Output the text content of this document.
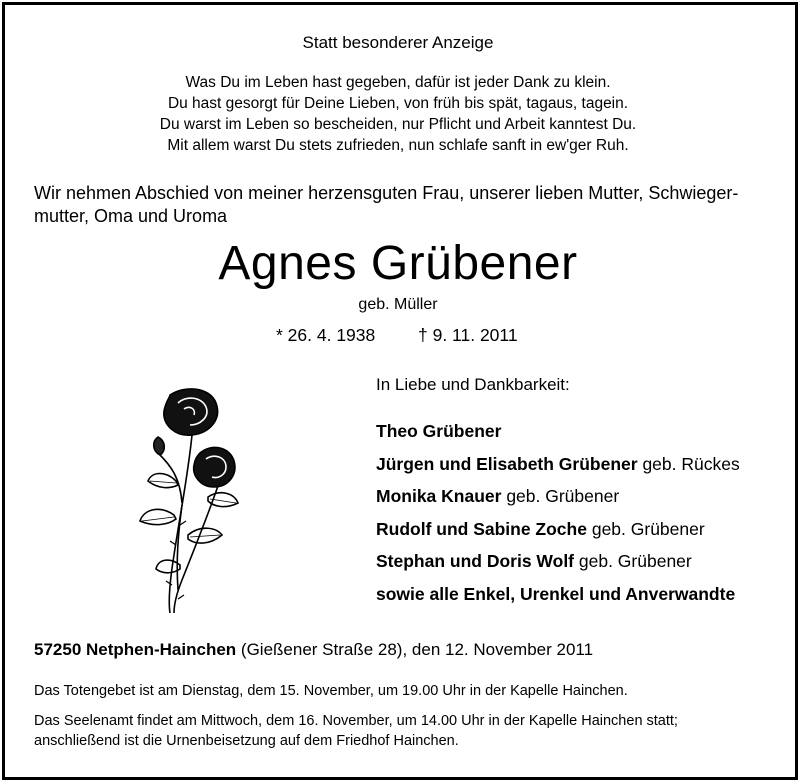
Statt besonderer Anzeige
Was Du im Leben hast gegeben, dafür ist jeder Dank zu klein.
Du hast gesorgt für Deine Lieben, von früh bis spät, tagaus, tagein.
Du warst im Leben so bescheiden, nur Pflicht und Arbeit kanntest Du.
Mit allem warst Du stets zufrieden, nun schlafe sanft in ew'ger Ruh.
Wir nehmen Abschied von meiner herzensguten Frau, unserer lieben Mutter, Schwieger-mutter, Oma und Uroma
Agnes Grübener
geb. Müller
* 26. 4. 1938 † 9. 11. 2011
In Liebe und Dankbarkeit:
Theo Grübener
Jürgen und Elisabeth Grübener geb. Rückes
Monika Knauer geb. Grübener
Rudolf und Sabine Zoche geb. Grübener
Stephan und Doris Wolf geb. Grübener
sowie alle Enkel, Urenkel und Anverwandte
57250 Netphen-Hainchen (Gießener Straße 28), den 12. November 2011
Das Totengebet ist am Dienstag, dem 15. November, um 19.00 Uhr in der Kapelle Hainchen.
Das Seelenamt findet am Mittwoch, dem 16. November, um 14.00 Uhr in der Kapelle Hainchen statt;
anschließend ist die Urnenbeisetzung auf dem Friedhof Hainchen.
